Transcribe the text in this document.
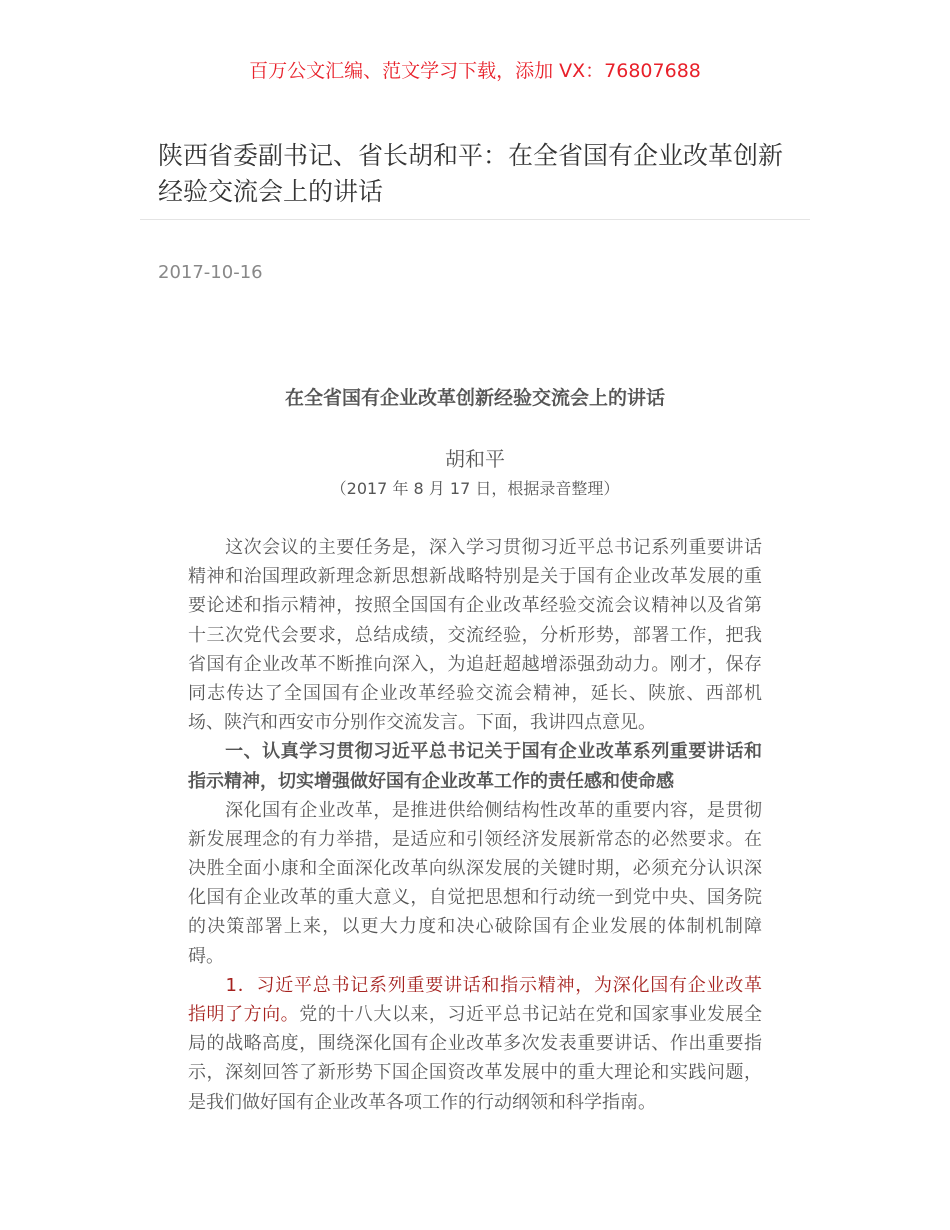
百万公文汇编、范文学习下载，添加 VX：76807688
陕西省委副书记、省长胡和平：在全省国有企业改革创新经验交流会上的讲话
2017-10-16
在全省国有企业改革创新经验交流会上的讲话
胡和平
（2017 年 8 月 17 日，根据录音整理）
　　这次会议的主要任务是，深入学习贯彻习近平总书记系列重要讲话
精神和治国理政新理念新思想新战略特别是关于国有企业改革发展的重
要论述和指示精神，按照全国国有企业改革经验交流会议精神以及省第
十三次党代会要求，总结成绩，交流经验，分析形势，部署工作，把我
省国有企业改革不断推向深入，为追赶超越增添强劲动力。刚才，保存
同志传达了全国国有企业改革经验交流会精神，延长、陕旅、西部机
场、陕汽和西安市分别作交流发言。下面，我讲四点意见。
　　一、认真学习贯彻习近平总书记关于国有企业改革系列重要讲话和
指示精神，切实增强做好国有企业改革工作的责任感和使命感
　　深化国有企业改革，是推进供给侧结构性改革的重要内容，是贯彻
新发展理念的有力举措，是适应和引领经济发展新常态的必然要求。在
决胜全面小康和全面深化改革向纵深发展的关键时期，必须充分认识深
化国有企业改革的重大意义，自觉把思想和行动统一到党中央、国务院
的决策部署上来，以更大力度和决心破除国有企业发展的体制机制障
碍。
　　1．习近平总书记系列重要讲话和指示精神，为深化国有企业改革
指明了方向。党的十八大以来，习近平总书记站在党和国家事业发展全
局的战略高度，围绕深化国有企业改革多次发表重要讲话、作出重要指
示，深刻回答了新形势下国企国资改革发展中的重大理论和实践问题，
是我们做好国有企业改革各项工作的行动纲领和科学指南。
